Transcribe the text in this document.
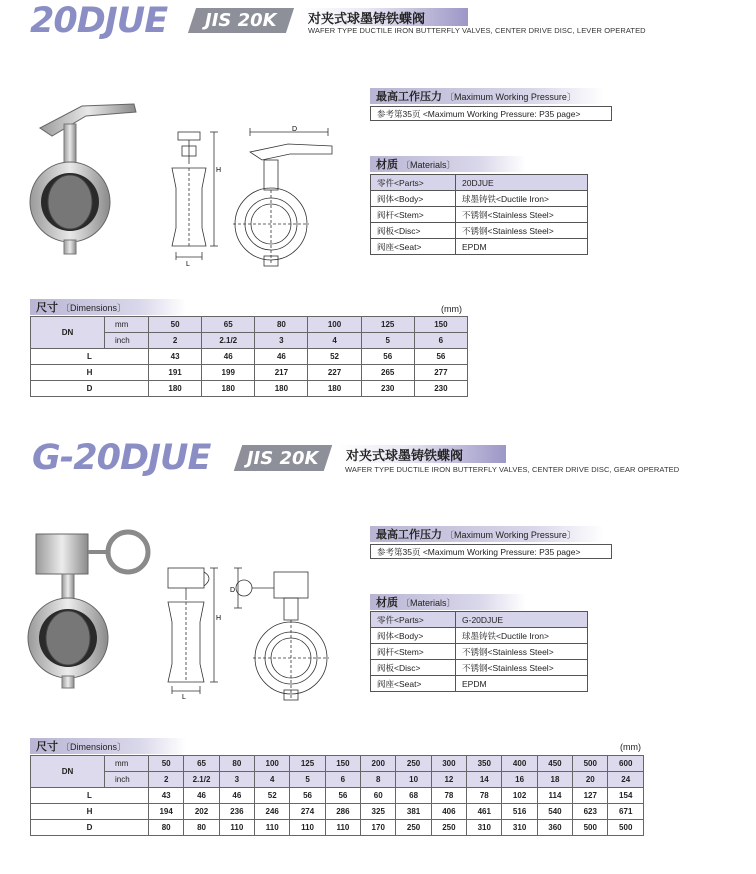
20DJUE JIS 20K	对夹式球墨铸铁蝶阀
WAFER TYPE DUCTILE IRON BUTTERFLY VALVES, CENTER DRIVE DISC, LEVER OPERATED
H
L
D
最高工作压力 〔Maximum Working Pressure〕
参考第35页 <Maximum Working Pressure: P35 page>
材质 〔Materials〕
零件<Parts>	20DJUE
阀体<Body>	球墨铸铁<Ductile Iron>
阀杆<Stem>	不锈钢<Stainless Steel>
阀板<Disc>	不锈钢<Stainless Steel>
阀座<Seat>	EPDM
尺寸 〔Dimensions〕	(mm)
DN	mm	50	65	80	100	125	150
	inch	2	2.1/2	3	4	5	6
L		43	46	46	52	56	56
H		191	199	217	227	265	277
D		180	180	180	180	230	230
G-20DJUE JIS 20K	对夹式球墨铸铁蝶阀
WAFER TYPE DUCTILE IRON BUTTERFLY VALVES, CENTER DRIVE DISC, GEAR OPERATED
H
L
D
最高工作压力 〔Maximum Working Pressure〕
参考第35页 <Maximum Working Pressure: P35 page>
材质 〔Materials〕
零件<Parts>	G-20DJUE
阀体<Body>	球墨铸铁<Ductile Iron>
阀杆<Stem>	不锈钢<Stainless Steel>
阀板<Disc>	不锈钢<Stainless Steel>
阀座<Seat>	EPDM
尺寸 〔Dimensions〕	(mm)
DN	mm	50	65	80	100	125	150	200	250	300	350	400	450	500	600
	inch	2	2.1/2	3	4	5	6	8	10	12	14	16	18	20	24
L		43	46	46	52	56	56	60	68	78	78	102	114	127	154
H		194	202	236	246	274	286	325	381	406	461	516	540	623	671
D		80	80	110	110	110	110	170	250	250	310	310	360	500	500
